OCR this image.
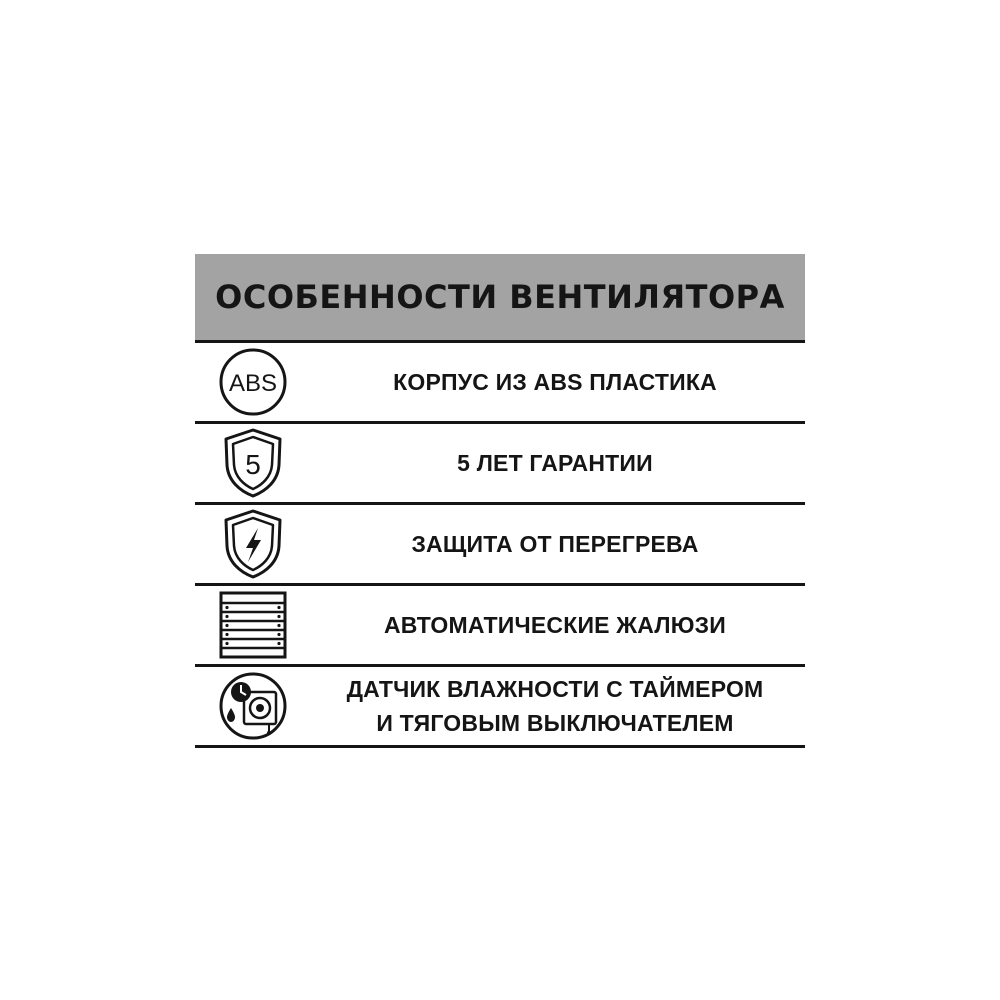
ОСОБЕННОСТИ ВЕНТИЛЯТОРА
ABS	КОРПУС ИЗ ABS ПЛАСТИКА
5	5 ЛЕТ ГАРАНТИИ
ЗАЩИТА ОТ ПЕРЕГРЕВА
АВТОМАТИЧЕСКИЕ ЖАЛЮЗИ
ДАТЧИК ВЛАЖНОСТИ С ТАЙМЕРОМ
И ТЯГОВЫМ ВЫКЛЮЧАТЕЛЕМ
